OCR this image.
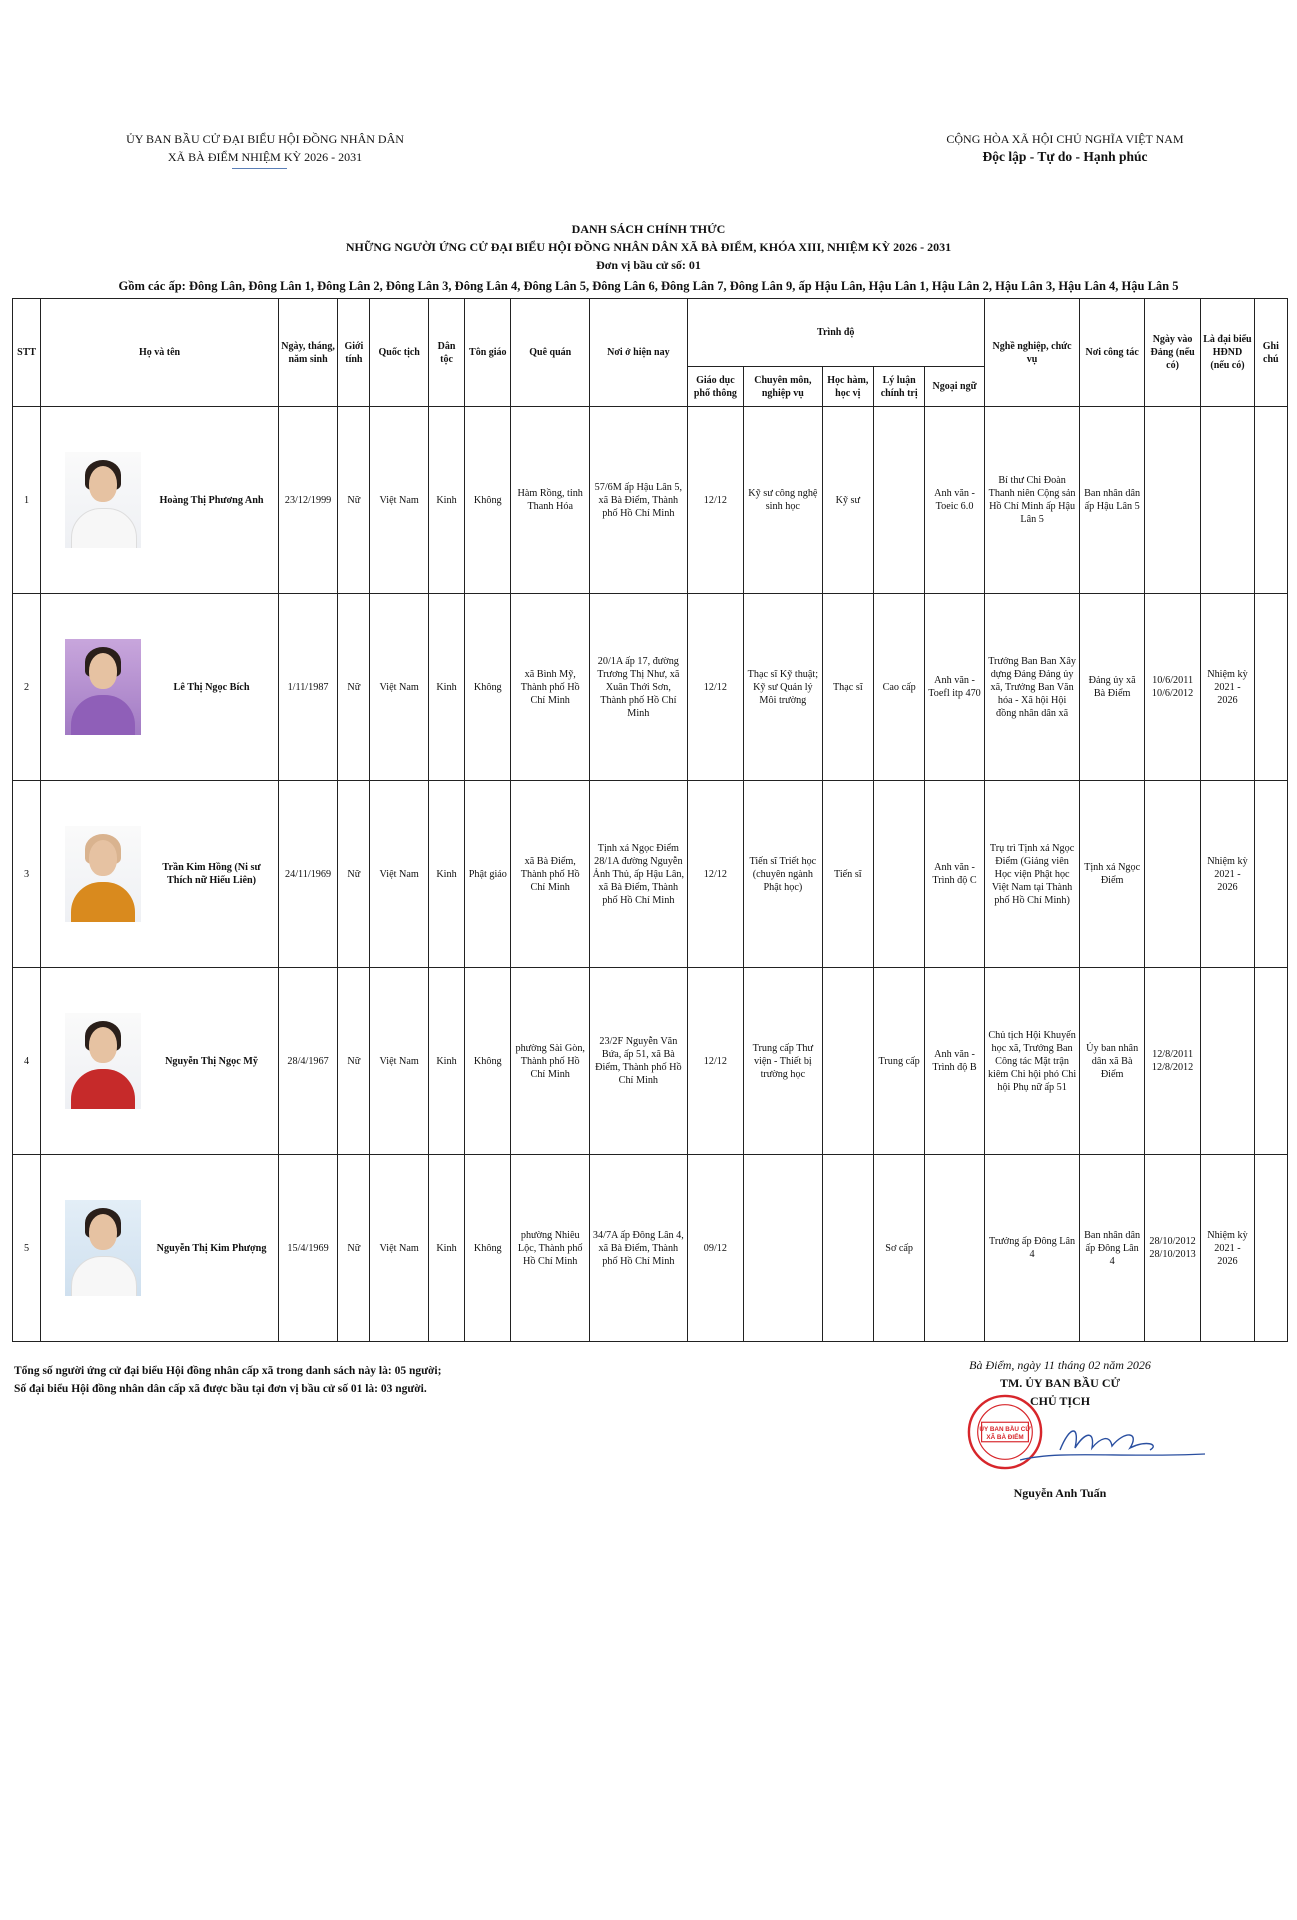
ỦY BAN BẦU CỬ ĐẠI BIỂU HỘI ĐỒNG NHÂN DÂN
XÃ BÀ ĐIỂM NHIỆM KỲ 2026 - 2031
CỘNG HÒA XÃ HỘI CHỦ NGHĨA VIỆT NAM
Độc lập - Tự do - Hạnh phúc
DANH SÁCH CHÍNH THỨC
NHỮNG NGƯỜI ỨNG CỬ ĐẠI BIỂU HỘI ĐỒNG NHÂN DÂN XÃ BÀ ĐIỂM, KHÓA XIII, NHIỆM KỲ 2026 - 2031
Đơn vị bầu cử số: 01
Gồm các ấp: Đông Lân, Đông Lân 1, Đông Lân 2, Đông Lân 3, Đông Lân 4, Đông Lân 5, Đông Lân 6, Đông Lân 7, Đông Lân 9, ấp Hậu Lân, Hậu Lân 1, Hậu Lân 2, Hậu Lân 3, Hậu Lân 4, Hậu Lân 5
STT	Họ và tên	Ngày, tháng, năm sinh	Giới tính	Quốc tịch	Dân tộc	Tôn giáo	Quê quán	Nơi ở hiện nay	Trình độ					Nghề nghiệp, chức vụ	Nơi công tác	Ngày vào Đảng (nếu có)	Là đại biểu HĐND (nếu có)	Ghi chú
									Giáo dục phổ thông	Chuyên môn, nghiệp vụ	Học hàm, học vị	Lý luận chính trị	Ngoại ngữ					
1	Hoàng Thị Phương Anh	23/12/1999	Nữ	Việt Nam	Kinh	Không	Hàm Rồng, tỉnh Thanh Hóa	57/6M ấp Hậu Lân 5, xã Bà Điểm, Thành phố Hồ Chí Minh	12/12	Kỹ sư công nghệ sinh học	Kỹ sư		Anh văn - Toeic 6.0	Bí thư Chi Đoàn Thanh niên Cộng sản Hồ Chí Minh ấp Hậu Lân 5	Ban nhân dân ấp Hậu Lân 5			
2	Lê Thị Ngọc Bích	1/11/1987	Nữ	Việt Nam	Kinh	Không	xã Bình Mỹ, Thành phố Hồ Chí Minh	20/1A ấp 17, đường Trương Thị Như, xã Xuân Thới Sơn, Thành phố Hồ Chí Minh	12/12	Thạc sĩ Kỹ thuật; Kỹ sư Quản lý Môi trường	Thạc sĩ	Cao cấp	Anh văn - Toefl itp 470	Trưởng Ban Ban Xây dựng Đảng Đảng ủy xã, Trưởng Ban Văn hóa - Xã hội Hội đồng nhân dân xã	Đảng ủy xã Bà Điểm	10/6/2011 10/6/2012	Nhiệm kỳ 2021 - 2026	
3	Trần Kim Hồng (Ni sư Thích nữ Hiếu Liên)	24/11/1969	Nữ	Việt Nam	Kinh	Phật giáo	xã Bà Điểm, Thành phố Hồ Chí Minh	Tịnh xá Ngọc Điểm 28/1A đường Nguyễn Ảnh Thủ, ấp Hậu Lân, xã Bà Điểm, Thành phố Hồ Chí Minh	12/12	Tiến sĩ Triết học (chuyên ngành Phật học)	Tiến sĩ		Anh văn - Trình độ C	Trụ trì Tịnh xá Ngọc Điểm (Giảng viên Học viện Phật học Việt Nam tại Thành phố Hồ Chí Minh)	Tịnh xá Ngọc Điểm		Nhiệm kỳ 2021 - 2026	
4	Nguyễn Thị Ngọc Mỹ	28/4/1967	Nữ	Việt Nam	Kinh	Không	phường Sài Gòn, Thành phố Hồ Chí Minh	23/2F Nguyễn Văn Bứa, ấp 51, xã Bà Điểm, Thành phố Hồ Chí Minh	12/12	Trung cấp Thư viện - Thiết bị trường học		Trung cấp	Anh văn - Trình độ B	Chủ tịch Hội Khuyến học xã, Trưởng Ban Công tác Mặt trận kiêm Chi hội phó Chi hội Phụ nữ ấp 51	Ủy ban nhân dân xã Bà Điểm	12/8/2011 12/8/2012		
5	Nguyễn Thị Kim Phượng	15/4/1969	Nữ	Việt Nam	Kinh	Không	phường Nhiêu Lộc, Thành phố Hồ Chí Minh	34/7A ấp Đông Lân 4, xã Bà Điểm, Thành phố Hồ Chí Minh	09/12			Sơ cấp		Trưởng ấp Đông Lân 4	Ban nhân dân ấp Đông Lân 4	28/10/2012 28/10/2013	Nhiệm kỳ 2021 - 2026	
Tổng số người ứng cử đại biểu Hội đồng nhân cấp xã trong danh sách này là: 05 người;
Số đại biểu Hội đồng nhân dân cấp xã được bầu tại đơn vị bầu cử số 01 là: 03 người.
Bà Điểm, ngày 11 tháng 02 năm 2026
TM. ỦY BAN BẦU CỬ
CHỦ TỊCH
Nguyễn Anh Tuấn
ỦY BAN BẦU CỬ
XÃ BÀ ĐIỂM
